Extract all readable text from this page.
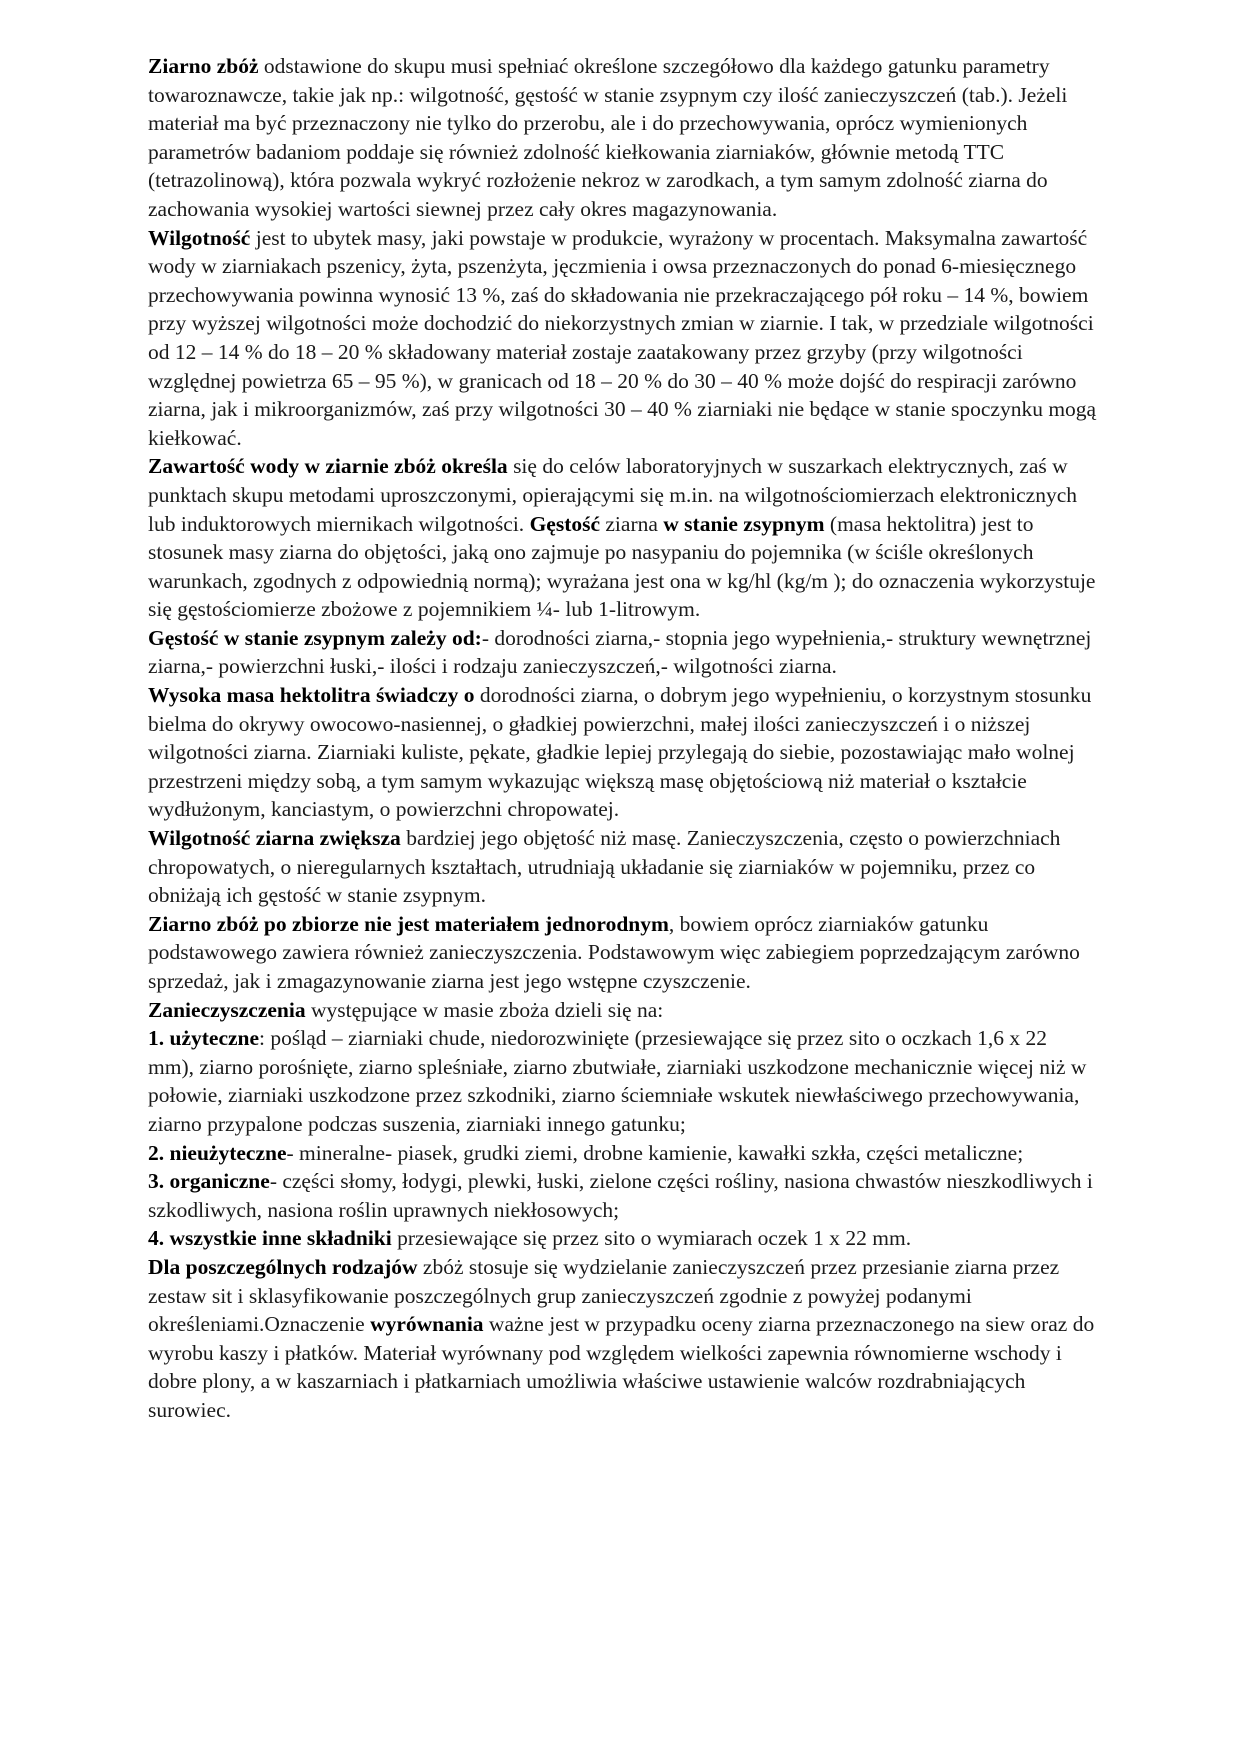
Ziarno zbóż odstawione do skupu musi spełniać określone szczegółowo dla każdego gatunku parametry towaroznawcze, takie jak np.: wilgotność, gęstość w stanie zsypnym czy ilość zanieczyszczeń (tab.). Jeżeli materiał ma być przeznaczony nie tylko do przerobu, ale i do przechowywania, oprócz wymienionych parametrów badaniom poddaje się również zdolność kiełkowania ziarniaków, głównie metodą TTC (tetrazolinową), która pozwala wykryć rozłożenie nekroz w zarodkach, a tym samym zdolność ziarna do zachowania wysokiej wartości siewnej przez cały okres magazynowania.

Wilgotność jest to ubytek masy, jaki powstaje w produkcie, wyrażony w procentach. Maksymalna zawartość wody w ziarniakach pszenicy, żyta, pszenżyta, jęczmienia i owsa przeznaczonych do ponad 6-miesięcznego przechowywania powinna wynosić 13 %, zaś do składowania nie przekraczającego pół roku – 14 %, bowiem przy wyższej wilgotności może dochodzić do niekorzystnych zmian w ziarnie. I tak, w przedziale wilgotności od 12 – 14 % do 18 – 20 % składowany materiał zostaje zaatakowany przez grzyby (przy wilgotności względnej powietrza 65 – 95 %), w granicach od 18 – 20 % do 30 – 40 % może dojść do respiracji zarówno ziarna, jak i mikroorganizmów, zaś przy wilgotności 30 – 40 % ziarniaki nie będące w stanie spoczynku mogą kiełkować.

Zawartość wody w ziarnie zbóż określa się do celów laboratoryjnych w suszarkach elektrycznych, zaś w punktach skupu metodami uproszczonymi, opierającymi się m.in. na wilgotnościomierzach elektronicznych lub induktorowych miernikach wilgotności. Gęstość ziarna w stanie zsypnym (masa hektolitra) jest to stosunek masy ziarna do objętości, jaką ono zajmuje po nasypaniu do pojemnika (w ściśle określonych warunkach, zgodnych z odpowiednią normą); wyrażana jest ona w kg/hl (kg/m ); do oznaczenia wykorzystuje się gęstościomierze zbożowe z pojemnikiem ¼- lub 1-litrowym.

Gęstość w stanie zsypnym zależy od:- dorodności ziarna,- stopnia jego wypełnienia,- struktury wewnętrznej ziarna,- powierzchni łuski,- ilości i rodzaju zanieczyszczeń,- wilgotności ziarna.

Wysoka masa hektolitra świadczy o dorodności ziarna, o dobrym jego wypełnieniu, o korzystnym stosunku bielma do okrywy owocowo-nasiennej, o gładkiej powierzchni, małej ilości zanieczyszczeń i o niższej wilgotności ziarna. Ziarniaki kuliste, pękate, gładkie lepiej przylegają do siebie, pozostawiając mało wolnej przestrzeni między sobą, a tym samym wykazując większą masę objętościową niż materiał o kształcie wydłużonym, kanciastym, o powierzchni chropowatej.

Wilgotność ziarna zwiększa bardziej jego objętość niż masę. Zanieczyszczenia, często o powierzchniach chropowatych, o nieregularnych kształtach, utrudniają układanie się ziarniaków w pojemniku, przez co obniżają ich gęstość w stanie zsypnym.

Ziarno zbóż po zbiorze nie jest materiałem jednorodnym, bowiem oprócz ziarniaków gatunku podstawowego zawiera również zanieczyszczenia. Podstawowym więc zabiegiem poprzedzającym zarówno sprzedaż, jak i zmagazynowanie ziarna jest jego wstępne czyszczenie.

Zanieczyszczenia występujące w masie zboża dzieli się na:

1. użyteczne: pośląd – ziarniaki chude, niedorozwinięte (przesiewające się przez sito o oczkach 1,6 x 22 mm), ziarno porośnięte, ziarno spleśniałe, ziarno zbutwiałe, ziarniaki uszkodzone mechanicznie więcej niż w połowie, ziarniaki uszkodzone przez szkodniki, ziarno ściemniałe wskutek niewłaściwego przechowywania, ziarno przypalone podczas suszenia, ziarniaki innego gatunku;

2. nieużyteczne- mineralne- piasek, grudki ziemi, drobne kamienie, kawałki szkła, części metaliczne;

3. organiczne- części słomy, łodygi, plewki, łuski, zielone części rośliny, nasiona chwastów nieszkodliwych i szkodliwych, nasiona roślin uprawnych niekłosowych;

4. wszystkie inne składniki przesiewające się przez sito o wymiarach oczek 1 x 22 mm.

Dla poszczególnych rodzajów zbóż stosuje się wydzielanie zanieczyszczeń przez przesianie ziarna przez zestaw sit i sklasyfikowanie poszczególnych grup zanieczyszczeń zgodnie z powyżej podanymi określeniami.Oznaczenie wyrównania ważne jest w przypadku oceny ziarna przeznaczonego na siew oraz do wyrobu kaszy i płatków. Materiał wyrównany pod względem wielkości zapewnia równomierne wschody i dobre plony, a w kaszarniach i płatkarniach umożliwia właściwe ustawienie walców rozdrabniających surowiec.
